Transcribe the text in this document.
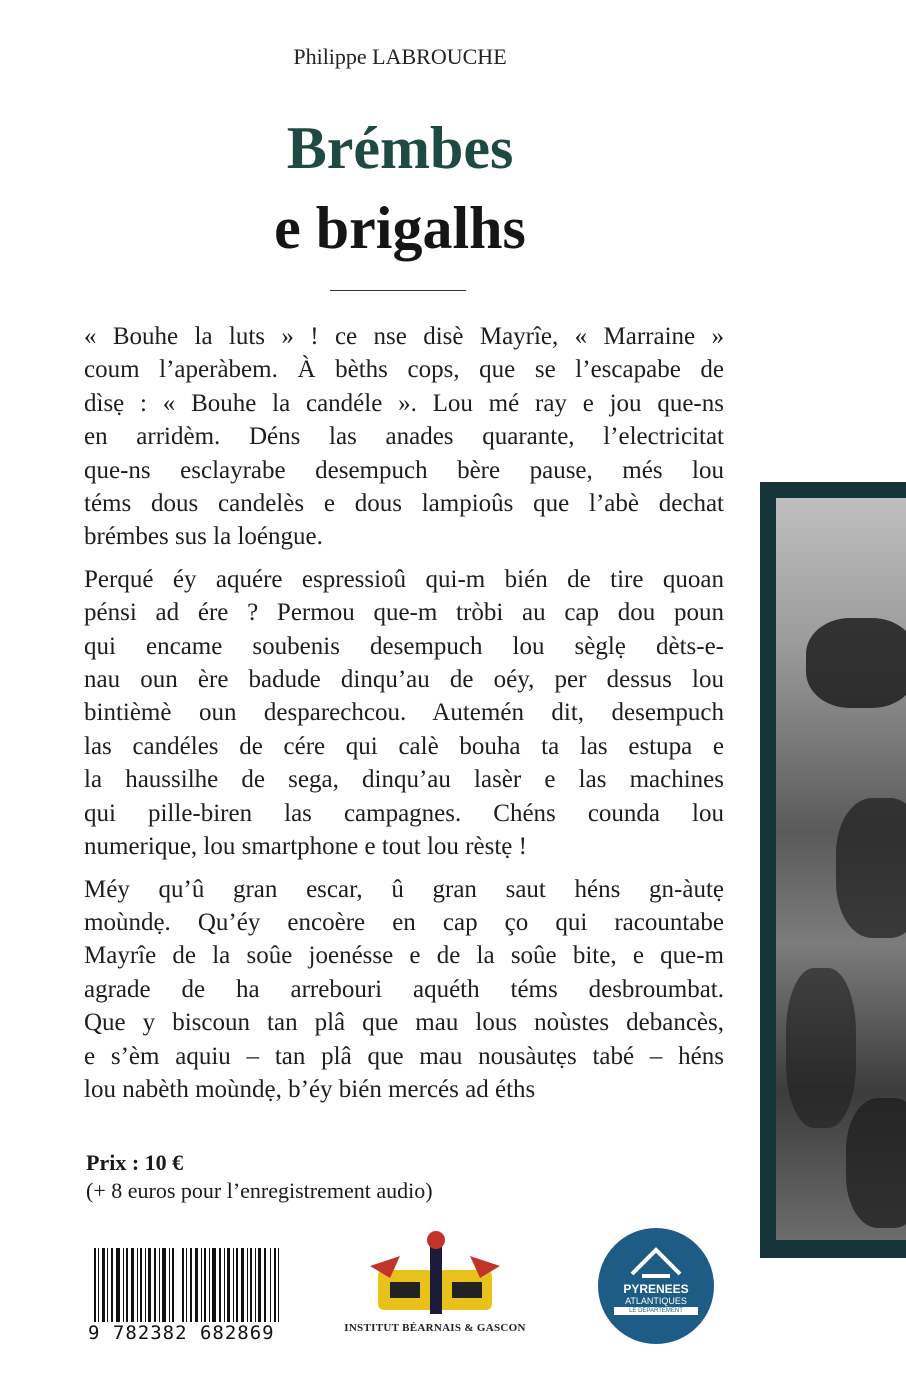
Philippe LABROUCHE
Brémbes
e brigalhs
« Bouhe la luts » ! ce nse disè Mayrîe, « Marraine »
coum l’aperàbem. À bèths cops, que se l’escapabe de
dìsẹ : « Bouhe la candéle ». Lou mé ray e jou que-ns
en arridèm. Déns las anades quarante, l’electricitat
que-ns esclayrabe desempuch bère pause, més lou
téms dous candelès e dous lampioûs que l’abè dechat
brémbes sus la loéngue.
Perqué éy aquére espressioû qui-m bién de tire quoan
pénsi ad ére ? Permou que-m tròbi au cap dou poun
qui encame soubenis desempuch lou sèglẹ dèts-e-
nau oun ère badude dinqu’au de oéy, per dessus lou
bintièmè oun desparechcou. Autemén dit, desempuch
las candéles de cére qui calè bouha ta las estupa e
la haussilhe de sega, dinqu’au lasèr e las machines
qui pille-biren las campagnes. Chéns counda lou
numerique, lou smartphone e tout lou rèstẹ !
Méy qu’û gran escar, û gran saut héns gn-àutẹ
moùndẹ. Qu’éy encoère en cap ço qui racountabe
Mayrîe de la soûe joenésse e de la soûe bite, e que-m
agrade de ha arrebouri aquéth téms desbroumbat.
Que y biscoun tan plâ que mau lous noùstes debancès,
e s’èm aquiu – tan plâ que mau nousàutẹs tabé – héns
lou nabèth moùndẹ, b’éy bién mercés ad éths
Prix : 10 €
(+ 8 euros pour l’enregistrement audio)
9 782382 682869	INSTITUT BÉARNAIS & GASCON
PYRENEES
ATLANTIQUES
LE DÉPARTEMENT
